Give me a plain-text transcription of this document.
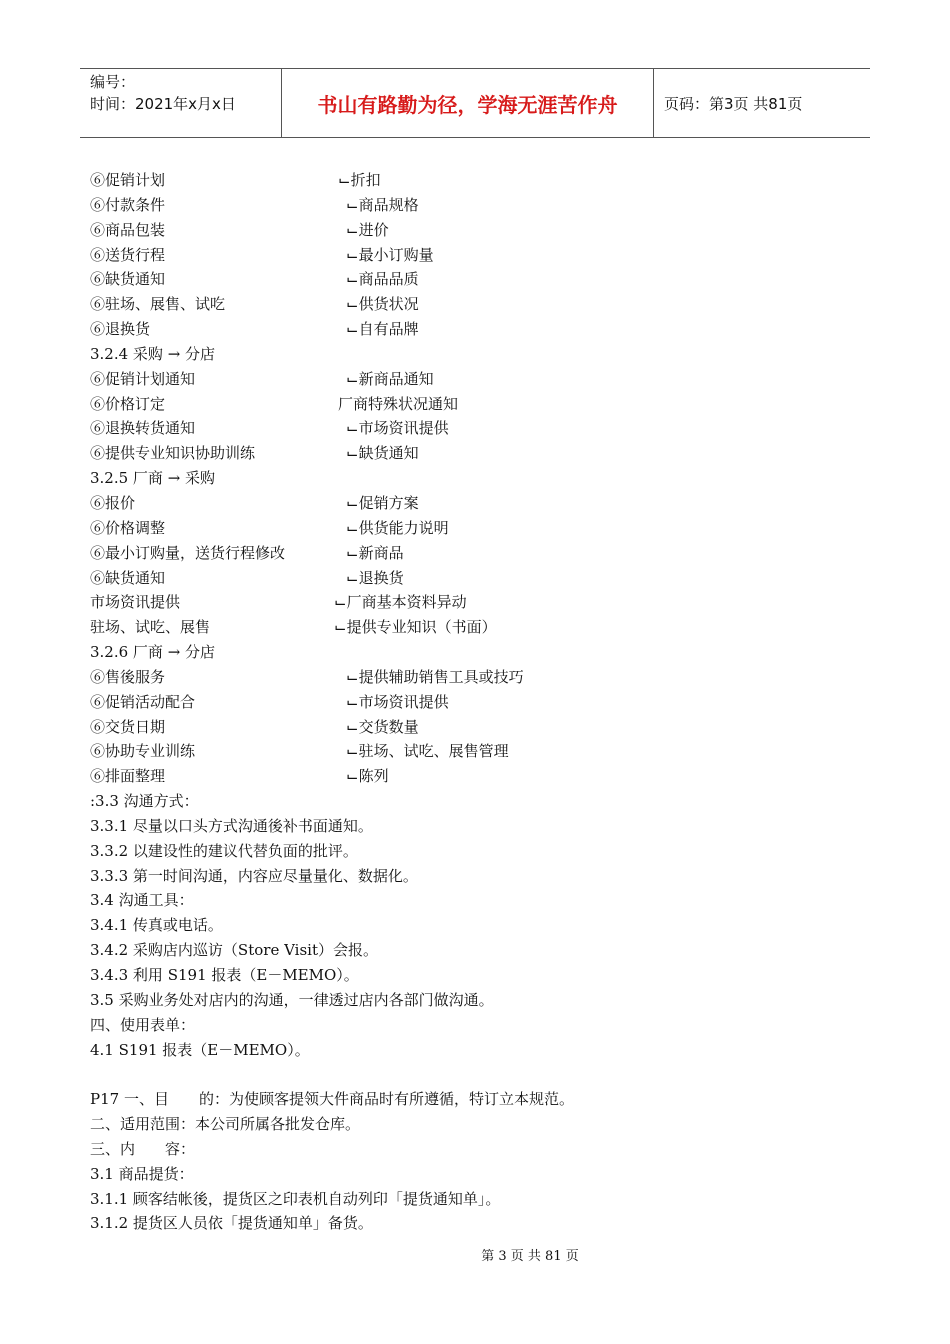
编号：
时间：2021年x月x日	书山有路勤为径，学海无涯苦作舟	页码：第3页 共81页
⑥促销计划	⌙折扣
⑥付款条件	⌙商品规格
⑥商品包装	⌙进价
⑥送货行程	⌙最小订购量
⑥缺货通知	⌙商品品质
⑥驻场、展售、试吃	⌙供货状况
⑥退换货	⌙自有品牌
3.2.4 采购 → 分店
⑥促销计划通知	⌙新商品通知
⑥价格订定	厂商特殊状况通知
⑥退换转货通知	⌙市场资讯提供
⑥提供专业知识协助训练	⌙缺货通知
3.2.5 厂商 → 采购
⑥报价	⌙促销方案
⑥价格调整	⌙供货能力说明
⑥最小订购量，送货行程修改	⌙新商品
⑥缺货通知	⌙退换货
市场资讯提供	⌙厂商基本资料异动
驻场、试吃、展售	⌙提供专业知识（书面）
3.2.6 厂商 → 分店
⑥售後服务	⌙提供辅助销售工具或技巧
⑥促销活动配合	⌙市场资讯提供
⑥交货日期	⌙交货数量
⑥协助专业训练	⌙驻场、试吃、展售管理
⑥排面整理	⌙陈列
:3.3 沟通方式：
3.3.1 尽量以口头方式沟通後补书面通知。
3.3.2 以建设性的建议代替负面的批评。
3.3.3 第一时间沟通，内容应尽量量化、数据化。
3.4 沟通工具：
3.4.1 传真或电话。
3.4.2 采购店内巡访（Store Visit）会报。
3.4.3 利用 S191 报表（E－MEMO）。
3.5 采购业务处对店内的沟通，一律透过店内各部门做沟通。
四、使用表单：
4.1 S191 报表（E－MEMO）。
P17 一、目　　的：为使顾客提领大件商品时有所遵循，特订立本规范。
二、适用范围：本公司所属各批发仓库。
三、内　　容：
3.1 商品提货：
3.1.1 顾客结帐後，提货区之印表机自动列印「提货通知单」。
3.1.2 提货区人员依「提货通知单」备货。
第 3 页 共 81 页
